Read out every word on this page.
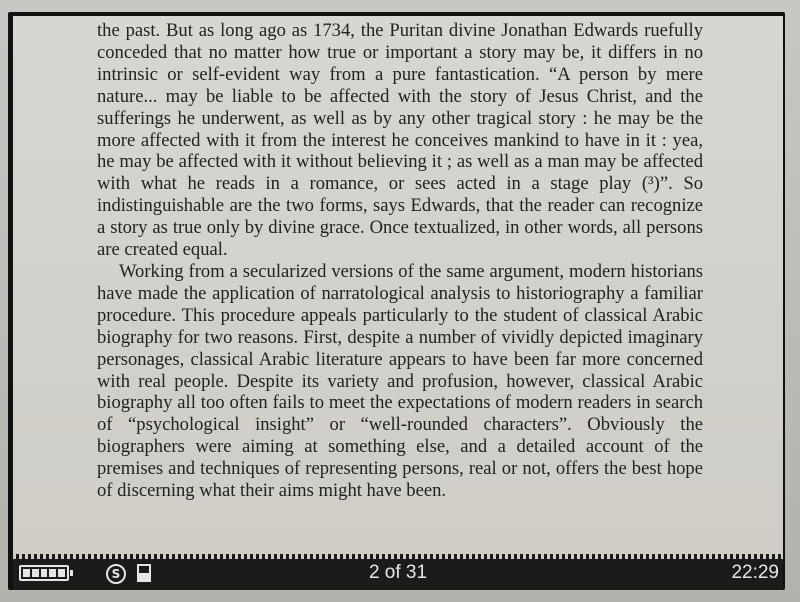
the past. But as long ago as 1734, the Puritan divine Jonathan Edwards ruefully conceded that no matter how true or important a story may be, it differs in no intrinsic or self-evident way from a pure fantastication. “A person by mere nature... may be liable to be affected with the story of Jesus Christ, and the sufferings he underwent, as well as by any other tragical story : he may be the more affected with it from the interest he conceives mankind to have in it : yea, he may be affected with it without believing it ; as well as a man may be affected with what he reads in a romance, or sees acted in a stage play (³)”. So indistinguishable are the two forms, says Edwards, that the reader can recognize a story as true only by divine grace. Once textualized, in other words, all persons are created equal.

Working from a secularized versions of the same argument, modern historians have made the application of narratological analysis to historiography a familiar procedure. This procedure appeals particularly to the student of classical Arabic biography for two reasons. First, despite a number of vividly depicted imaginary personages, classical Arabic literature appears to have been far more concerned with real people. Despite its variety and profusion, however, classical Arabic biography all too often fails to meet the expectations of modern readers in search of “psychological insight” or “well-rounded characters”. Obviously the biographers were aiming at something else, and a detailed account of the premises and techniques of representing persons, real or not, offers the best hope of discerning what their aims might have been.

S	2 of 31	22:29
